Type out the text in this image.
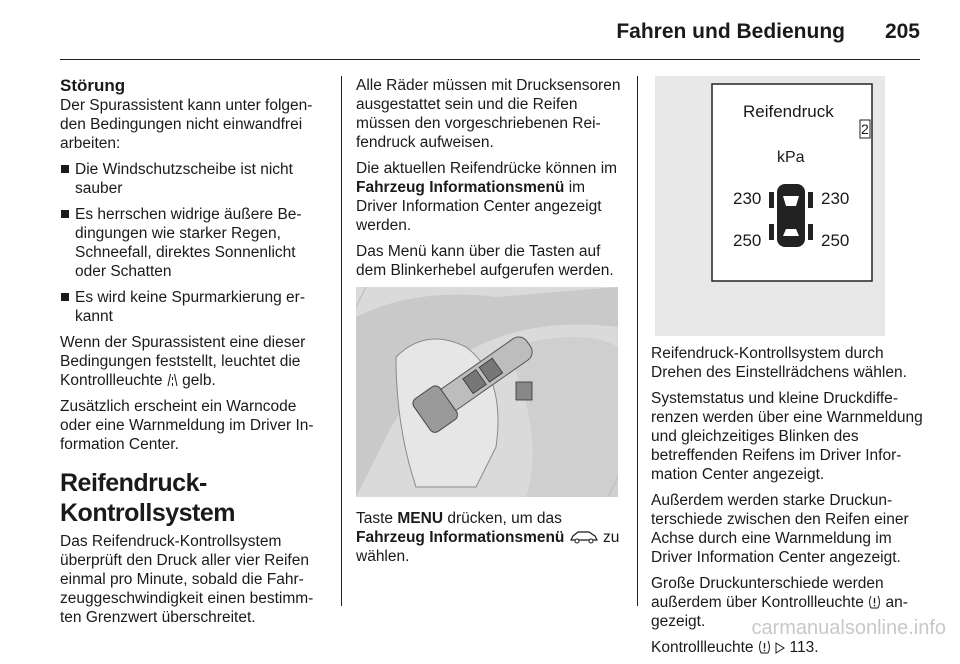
Fahren und Bedienung 205
Störung

Der Spurassistent kann unter folgenden Bedingungen nicht einwandfrei arbeiten:

Die Windschutzscheibe ist nicht sauber
Es herrschen widrige äußere Bedingungen wie starker Regen, Schneefall, direktes Sonnenlicht oder Schatten
Es wird keine Spurmarkierung erkannt

Wenn der Spurassistent eine dieser Bedingungen feststellt, leuchtet die Kontrollleuchte gelb.

Zusätzlich erscheint ein Warncode oder eine Warnmeldung im Driver Information Center.

Reifendruck-Kontrollsystem

Das Reifendruck-Kontrollsystem überprüft den Druck aller vier Reifen einmal pro Minute, sobald die Fahrzeuggeschwindigkeit einen bestimmten Grenzwert überschreitet.

Alle Räder müssen mit Drucksensoren ausgestattet sein und die Reifen müssen den vorgeschriebenen Reifendruck aufweisen.

Die aktuellen Reifendrücke können im Fahrzeug Informationsmenü im Driver Information Center angezeigt werden.

Das Menü kann über die Tasten auf dem Blinkerhebel aufgerufen werden.

Taste MENU drücken, um das
Fahrzeug Informationsmenü zu wählen.

Reifendruck
2
kPa
230	230
250	250

Reifendruck-Kontrollsystem durch Drehen des Einstellrädchens wählen.

Systemstatus und kleine Druckdifferenzen werden über eine Warnmeldung und gleichzeitiges Blinken des betreffenden Reifens im Driver Information Center angezeigt.

Außerdem werden starke Druckunterschiede zwischen den Reifen einer Achse durch eine Warnmeldung im Driver Information Center angezeigt.

Große Druckunterschiede werden außerdem über Kontrollleuchte angezeigt.

Kontrollleuchte 113.

carmanualsonline.info
